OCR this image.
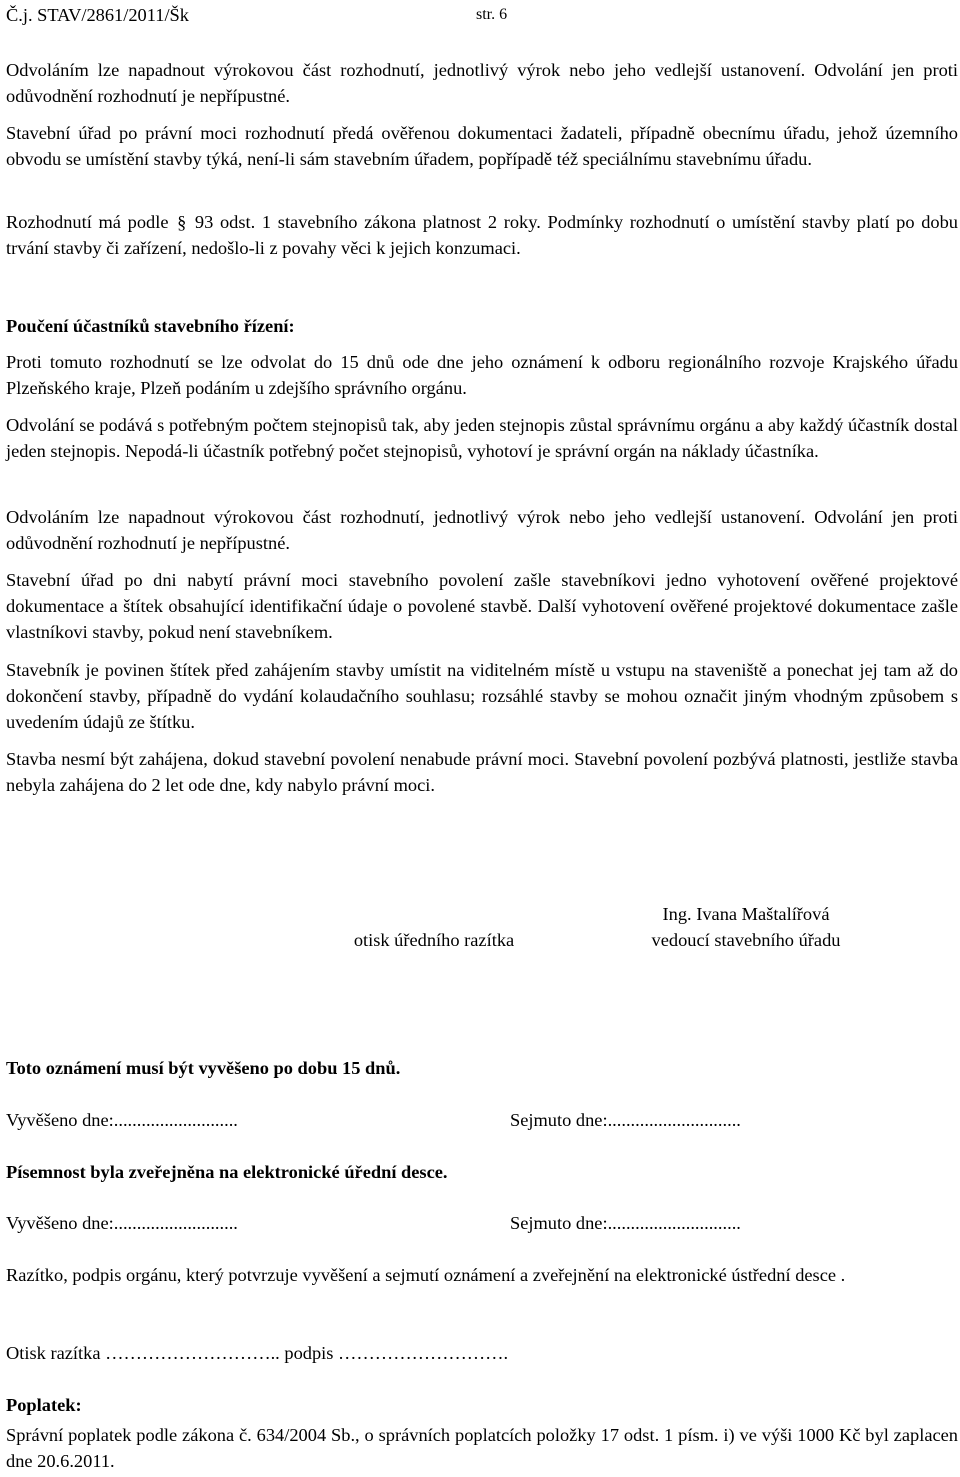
Č.j. STAV/2861/2011/Šk	str. 6

Odvoláním lze napadnout výrokovou část rozhodnutí, jednotlivý výrok nebo jeho vedlejší ustanovení. Odvolání jen proti odůvodnění rozhodnutí je nepřípustné.

Stavební úřad po právní moci rozhodnutí předá ověřenou dokumentaci žadateli, případně obecnímu úřadu, jehož územního obvodu se umístění stavby týká, není-li sám stavebním úřadem, popřípadě též speciálnímu stavebnímu úřadu.

Rozhodnutí má podle § 93 odst. 1 stavebního zákona platnost 2 roky. Podmínky rozhodnutí o umístění stavby platí po dobu trvání stavby či zařízení, nedošlo-li z povahy věci k jejich konzumaci.

Poučení účastníků stavebního řízení:

Proti tomuto rozhodnutí se lze odvolat do 15 dnů ode dne jeho oznámení k odboru regionálního rozvoje Krajského úřadu Plzeňského kraje, Plzeň podáním u zdejšího správního orgánu.

Odvolání se podává s potřebným počtem stejnopisů tak, aby jeden stejnopis zůstal správnímu orgánu a aby každý účastník dostal jeden stejnopis. Nepodá-li účastník potřebný počet stejnopisů, vyhotoví je správní orgán na náklady účastníka.

Odvoláním lze napadnout výrokovou část rozhodnutí, jednotlivý výrok nebo jeho vedlejší ustanovení. Odvolání jen proti odůvodnění rozhodnutí je nepřípustné.

Stavební úřad po dni nabytí právní moci stavebního povolení zašle stavebníkovi jedno vyhotovení ověřené projektové dokumentace a štítek obsahující identifikační údaje o povolené stavbě. Další vyhotovení ověřené projektové dokumentace zašle vlastníkovi stavby, pokud není stavebníkem.

Stavebník je povinen štítek před zahájením stavby umístit na viditelném místě u vstupu na staveniště a ponechat jej tam až do dokončení stavby, případně do vydání kolaudačního souhlasu; rozsáhlé stavby se mohou označit jiným vhodným způsobem s uvedením údajů ze štítku.

Stavba nesmí být zahájena, dokud stavební povolení nenabude právní moci. Stavební povolení pozbývá platnosti, jestliže stavba nebyla zahájena do 2 let ode dne, kdy nabylo právní moci.

otisk úředního razítka
Ing. Ivana Maštalířová
vedoucí stavebního úřadu

Toto oznámení musí být vyvěšeno po dobu 15 dnů.

Vyvěšeno dne:...........................	Sejmuto dne:.............................

Písemnost byla zveřejněna na elektronické úřední desce.

Vyvěšeno dne:...........................	Sejmuto dne:.............................

Razítko, podpis orgánu, který potvrzuje vyvěšení a sejmutí oznámení a zveřejnění na elektronické ústřední desce .

Otisk razítka ……………………….. podpis ……………………….

Poplatek:

Správní poplatek podle zákona č. 634/2004 Sb., o správních poplatcích položky 17 odst. 1 písm. i) ve výši 1000 Kč byl zaplacen dne 20.6.2011.
